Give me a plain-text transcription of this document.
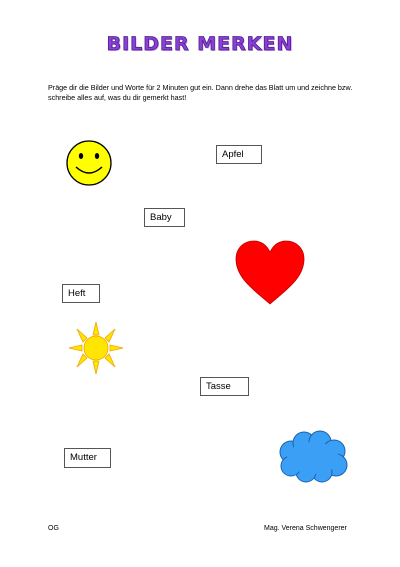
BILDER MERKEN
Präge dir die Bilder und Worte für 2 Minuten gut ein. Dann drehe das Blatt um und zeichne bzw. schreibe alles auf, was du dir gemerkt hast!
Apfel
Baby
Heft
Tasse
Mutter
OG	Mag. Verena Schwengerer
